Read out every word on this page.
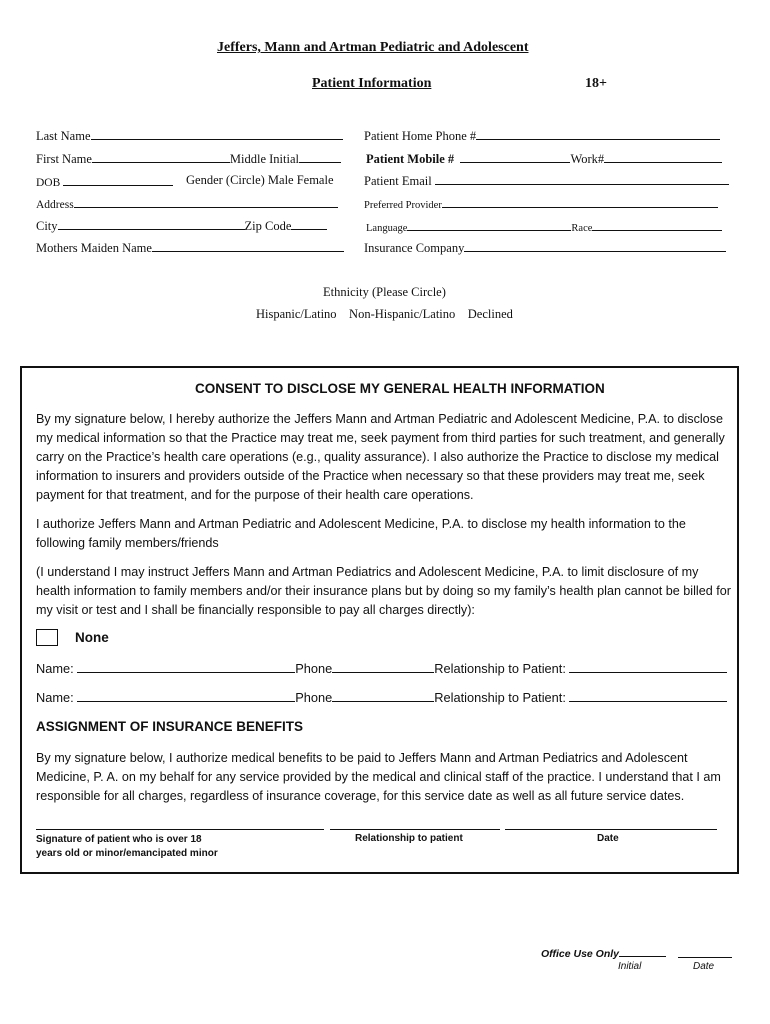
Jeffers, Mann and Artman Pediatric and Adolescent
Patient Information	18+
Last Name
First Name	Middle Initial
DOB	Gender (Circle) Male Female
Address
City	Zip Code
Mothers Maiden Name
Patient Home Phone #
Patient Mobile #	Work#
Patient Email
Preferred Provider
Language	Race
Insurance Company
Ethnicity (Please Circle)
Hispanic/Latino    Non-Hispanic/Latino    Declined
CONSENT TO DISCLOSE MY GENERAL HEALTH INFORMATION
By my signature below, I hereby authorize the Jeffers Mann and Artman Pediatric and Adolescent Medicine, P.A. to disclose my medical information so that the Practice may treat me, seek payment from third parties for such treatment, and generally carry on the Practice’s health care operations (e.g., quality assurance). I also authorize the Practice to disclose my medical information to insurers and providers outside of the Practice when necessary so that these providers may treat me, seek payment for that treatment, and for the purpose of their health care operations.
I authorize Jeffers Mann and Artman Pediatric and Adolescent Medicine, P.A. to disclose my health information to the following family members/friends
(I understand I may instruct Jeffers Mann and Artman Pediatrics and Adolescent Medicine, P.A. to limit disclosure of my health information to family members and/or their insurance plans but by doing so my family’s health plan cannot be billed for my visit or test and I shall be financially responsible to pay all charges directly):
None
Name:	Phone	Relationship to Patient:
Name:	Phone	Relationship to Patient:
ASSIGNMENT OF INSURANCE BENEFITS
By my signature below, I authorize medical benefits to be paid to Jeffers Mann and Artman Pediatrics and Adolescent Medicine, P. A. on my behalf for any service provided by the medical and clinical staff of the practice. I understand that I am responsible for all charges, regardless of insurance coverage, for this service date as well as all future service dates.
Signature of patient who is over 18
years old or minor/emancipated minor
Relationship to patient	Date
Office Use Only
Initial	Date
